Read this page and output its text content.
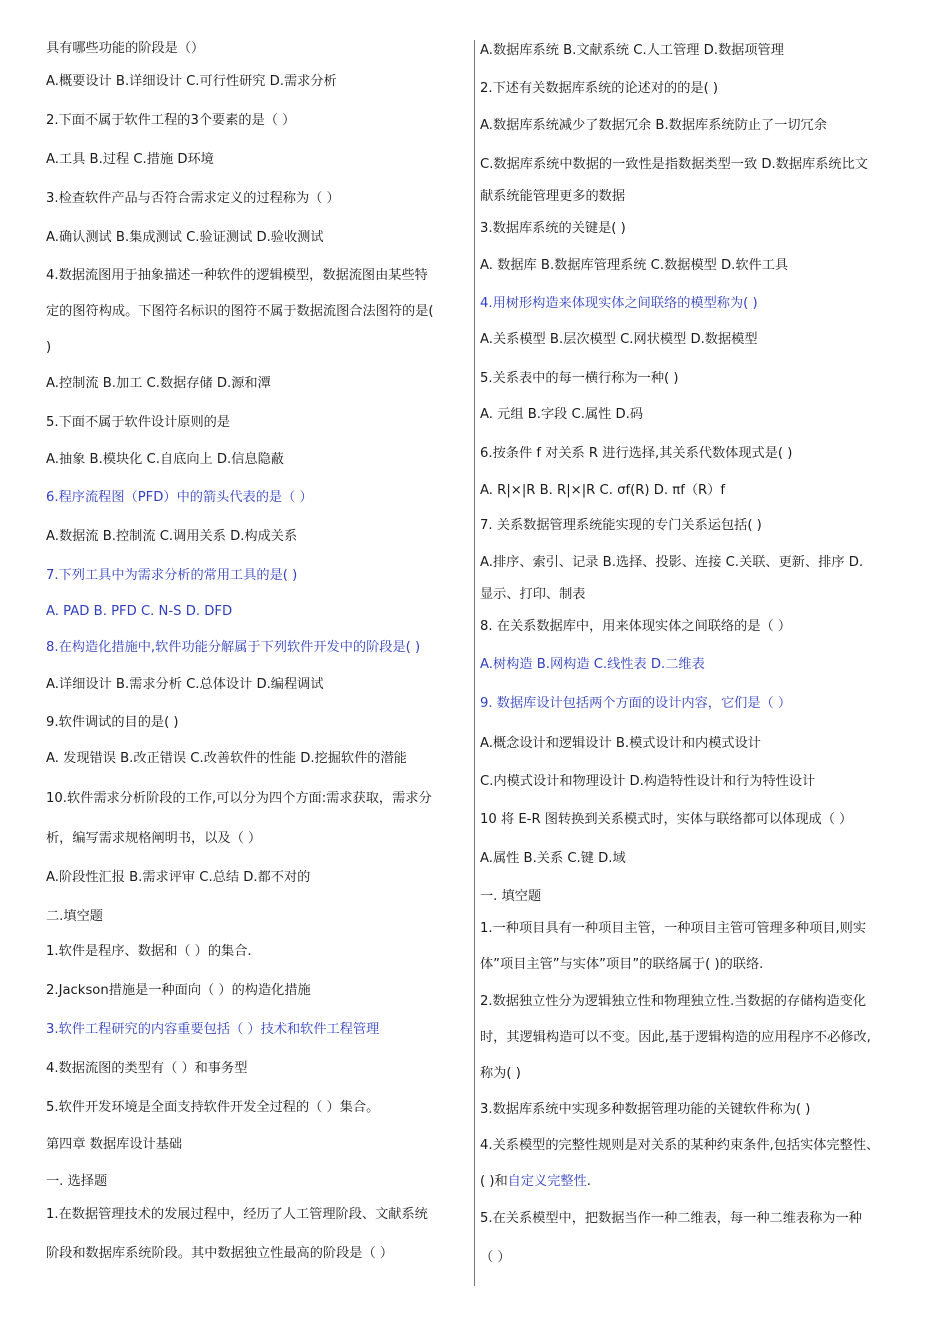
具有哪些功能的阶段是（）
A.概要设计 B.详细设计 C.可行性研究 D.需求分析
2.下面不属于软件工程的3个要素的是（ ）
A.工具 B.过程 C.措施 D环境
3.检查软件产品与否符合需求定义的过程称为（ ）
A.确认测试 B.集成测试 C.验证测试 D.验收测试
4.数据流图用于抽象描述一种软件的逻辑模型，数据流图由某些特
定的图符构成。下图符名标识的图符不属于数据流图合法图符的是(
)
A.控制流 B.加工 C.数据存储 D.源和潭
5.下面不属于软件设计原则的是
A.抽象 B.模块化 C.自底向上 D.信息隐蔽
6.程序流程图（PFD）中的箭头代表的是（ ）
A.数据流 B.控制流 C.调用关系 D.构成关系
7.下列工具中为需求分析的常用工具的是( )
A. PAD B. PFD C. N-S D. DFD
8.在构造化措施中,软件功能分解属于下列软件开发中的阶段是( )
A.详细设计 B.需求分析 C.总体设计 D.编程调试
9.软件调试的目的是( )
A. 发现错误 B.改正错误 C.改善软件的性能 D.挖掘软件的潜能
10.软件需求分析阶段的工作,可以分为四个方面:需求获取，需求分
析，编写需求规格阐明书，以及（ ）
A.阶段性汇报 B.需求评审 C.总结 D.都不对的
二.填空题
1.软件是程序、数据和（ ）的集合.
2.Jackson措施是一种面向（ ）的构造化措施
3.软件工程研究的内容重要包括（ ）技术和软件工程管理
4.数据流图的类型有（ ）和事务型
5.软件开发环境是全面支持软件开发全过程的（ ）集合。
第四章 数据库设计基础
一. 选择题
1.在数据管理技术的发展过程中，经历了人工管理阶段、文献系统
阶段和数据库系统阶段。其中数据独立性最高的阶段是（ ）
A.数据库系统 B.文献系统 C.人工管理 D.数据项管理
2.下述有关数据库系统的论述对的的是( )
A.数据库系统减少了数据冗余 B.数据库系统防止了一切冗余
C.数据库系统中数据的一致性是指数据类型一致 D.数据库系统比文
献系统能管理更多的数据
3.数据库系统的关键是( )
A. 数据库 B.数据库管理系统 C.数据模型 D.软件工具
4.用树形构造来体现实体之间联络的模型称为( )
A.关系模型 B.层次模型 C.网状模型 D.数据模型
5.关系表中的每一横行称为一种( )
A. 元组 B.字段 C.属性 D.码
6.按条件 f 对关系 R 进行选择,其关系代数体现式是( )
A. R|×|R B. R|×|R C. σf(R) D. πf（R）f
7. 关系数据管理系统能实现的专门关系运包括( )
A.排序、索引、记录 B.选择、投影、连接 C.关联、更新、排序 D.
显示、打印、制表
8. 在关系数据库中，用来体现实体之间联络的是（ ）
A.树构造 B.网构造 C.线性表 D.二维表
9. 数据库设计包括两个方面的设计内容，它们是（ ）
A.概念设计和逻辑设计 B.模式设计和内模式设计
C.内模式设计和物理设计 D.构造特性设计和行为特性设计
10 将 E-R 图转换到关系模式时，实体与联络都可以体现成（ ）
A.属性 B.关系 C.键 D.域
一. 填空题
1.一种项目具有一种项目主管，一种项目主管可管理多种项目,则实
体”项目主管”与实体”项目”的联络属于( )的联络.
2.数据独立性分为逻辑独立性和物理独立性.当数据的存储构造变化
时，其逻辑构造可以不变。因此,基于逻辑构造的应用程序不必修改,
称为( )
3.数据库系统中实现多种数据管理功能的关键软件称为( )
4.关系模型的完整性规则是对关系的某种约束条件,包括实体完整性、
( )和自定义完整性.
5.在关系模型中，把数据当作一种二维表，每一种二维表称为一种
（ ）
